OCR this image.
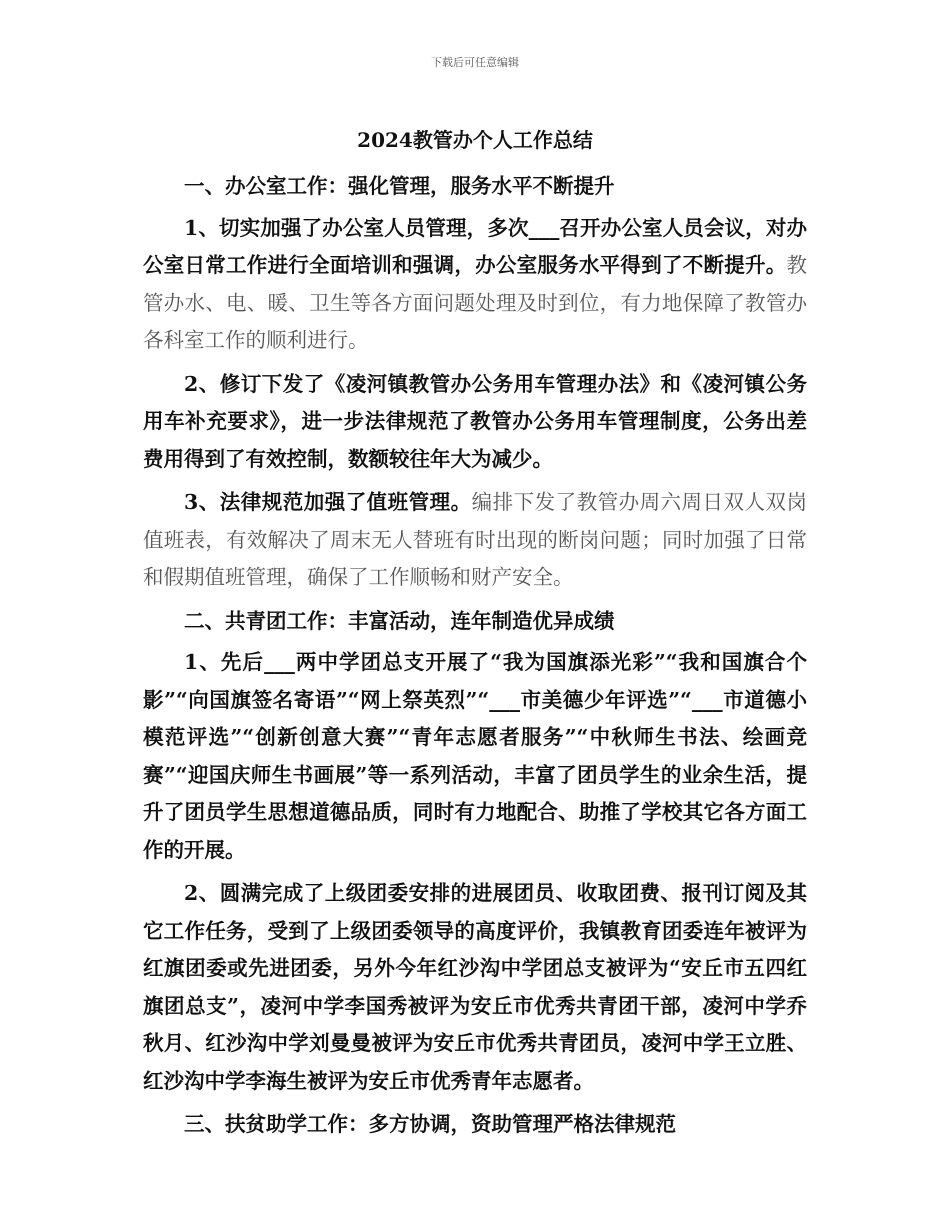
下载后可任意编辑
2024教管办个人工作总结

一、办公室工作：强化管理，服务水平不断提升

1、切实加强了办公室人员管理，多次___召开办公室人员会议，对办公室日常工作进行全面培训和强调，办公室服务水平得到了不断提升。教管办水、电、暖、卫生等各方面问题处理及时到位，有力地保障了教管办各科室工作的顺利进行。

2、修订下发了《凌河镇教管办公务用车管理办法》和《凌河镇公务用车补充要求》，进一步法律规范了教管办公务用车管理制度，公务出差费用得到了有效控制，数额较往年大为减少。

3、法律规范加强了值班管理。编排下发了教管办周六周日双人双岗值班表，有效解决了周末无人替班有时出现的断岗问题；同时加强了日常和假期值班管理，确保了工作顺畅和财产安全。

二、共青团工作：丰富活动，连年制造优异成绩

1、先后___两中学团总支开展了“我为国旗添光彩”“我和国旗合个影”“向国旗签名寄语”“网上祭英烈”“___市美德少年评选”“___市道德小模范评选”“创新创意大赛”“青年志愿者服务”“中秋师生书法、绘画竞赛”“迎国庆师生书画展”等一系列活动，丰富了团员学生的业余生活，提升了团员学生思想道德品质，同时有力地配合、助推了学校其它各方面工作的开展。

2、圆满完成了上级团委安排的进展团员、收取团费、报刊订阅及其它工作任务，受到了上级团委领导的高度评价，我镇教育团委连年被评为红旗团委或先进团委，另外今年红沙沟中学团总支被评为“安丘市五四红旗团总支”，凌河中学李国秀被评为安丘市优秀共青团干部，凌河中学乔秋月、红沙沟中学刘曼曼被评为安丘市优秀共青团员，凌河中学王立胜、红沙沟中学李海生被评为安丘市优秀青年志愿者。

三、扶贫助学工作：多方协调，资助管理严格法律规范
